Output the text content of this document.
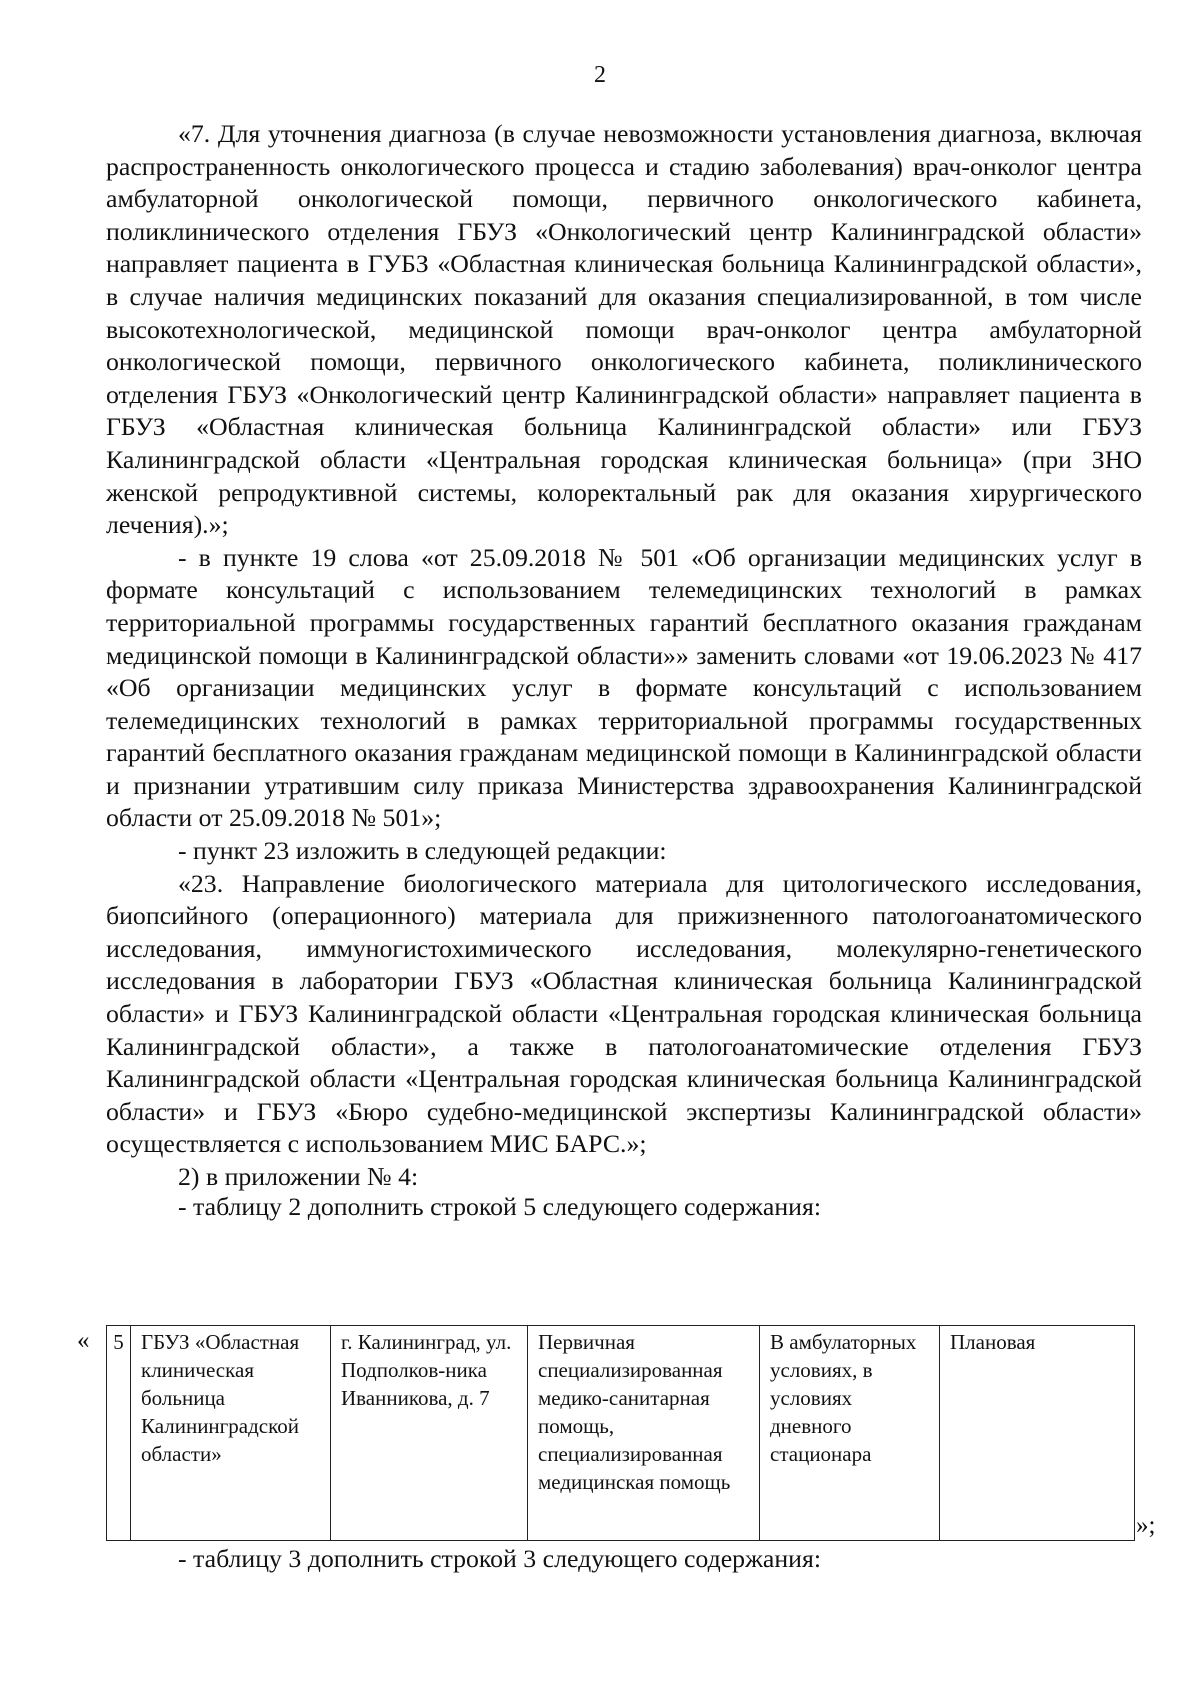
2

«7. Для уточнения диагноза (в случае невозможности установления диагноза, включая распространенность онкологического процесса и стадию заболевания) врач-онколог центра амбулаторной онкологической помощи, первичного онкологического кабинета, поликлинического отделения ГБУЗ «Онкологический центр Калининградской области» направляет пациента в ГУБЗ «Областная клиническая больница Калининградской области», в случае наличия медицинских показаний для оказания специализированной, в том числе высокотехнологической, медицинской помощи врач-онколог центра амбулаторной онкологической помощи, первичного онкологического кабинета, поликлинического отделения ГБУЗ «Онкологический центр Калининградской области» направляет пациента в ГБУЗ «Областная клиническая больница Калининградской области» или ГБУЗ Калининградской области «Центральная городская клиническая больница» (при ЗНО женской репродуктивной системы, колоректальный рак для оказания хирургического лечения).»;

- в пункте 19 слова «от 25.09.2018 № 501 «Об организации медицинских услуг в формате консультаций с использованием телемедицинских технологий в рамках территориальной программы государственных гарантий бесплатного оказания гражданам медицинской помощи в Калининградской области»» заменить словами «от 19.06.2023 № 417 «Об организации медицинских услуг в формате консультаций с использованием телемедицинских технологий в рамках территориальной программы государственных гарантий бесплатного оказания гражданам медицинской помощи в Калининградской области и признании утратившим силу приказа Министерства здравоохранения Калининградской области от 25.09.2018 № 501»;

- пункт 23 изложить в следующей редакции:

«23. Направление биологического материала для цитологического исследования, биопсийного (операционного) материала для прижизненного патологоанатомического исследования, иммуногистохимического исследования, молекулярно-генетического исследования в лаборатории ГБУЗ «Областная клиническая больница Калининградской области» и ГБУЗ Калининградской области «Центральная городская клиническая больница Калининградской области», а также в патологоанатомические отделения ГБУЗ Калининградской области «Центральная городская клиническая больница Калининградской области» и ГБУЗ «Бюро судебно-медицинской экспертизы Калининградской области» осуществляется с использованием МИС БАРС.»;

2) в приложении № 4:

- таблицу 2 дополнить строкой 5 следующего содержания:

« 5	ГБУЗ «Областная клиническая больница Калининградской области»	г. Калининград, ул. Подполков-ника Иванникова, д. 7	Первичная специализированная медико-санитарная помощь, специализированная медицинская помощь	В амбулаторных условиях, в условиях дневного стационара	Плановая
»;
- таблицу 3 дополнить строкой 3 следующего содержания:
